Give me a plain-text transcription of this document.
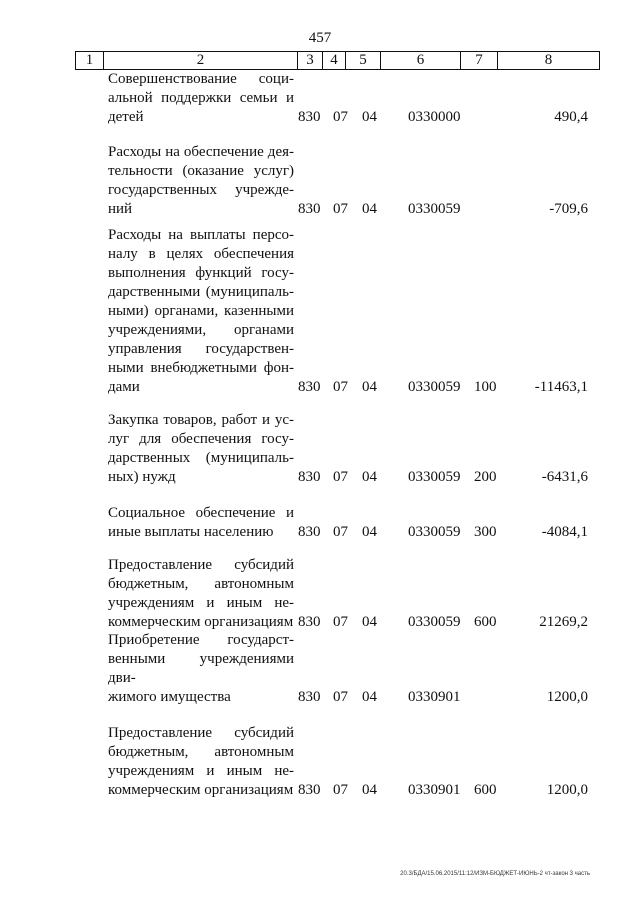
457
1	2	3	4	5	6	7	8
Совершенствование соци-
альной поддержки семьи и
детей	830 07 04 0330000	490,4
Расходы на обеспечение дея-
тельности (оказание услуг)
государственных учрежде-
ний	830 07 04 0330059	-709,6
Расходы на выплаты персо-
налу в целях обеспечения
выполнения функций госу-
дарственными (муниципаль-
ными) органами, казенными
учреждениями, органами
управления государствен-
ными внебюджетными фон-
дами	830 07 04 0330059 100	-11463,1
Закупка товаров, работ и ус-
луг для обеспечения госу-
дарственных (муниципаль-
ных) нужд	830 07 04 0330059 200	-6431,6
Социальное обеспечение и
иные выплаты населению	830 07 04 0330059 300	-4084,1
Предоставление субсидий
бюджетным, автономным
учреждениям и иным не-
коммерческим организациям 830 07 04 0330059 600	21269,2
Приобретение государст-
венными учреждениями дви-
жимого имущества	830 07 04 0330901	1200,0
Предоставление субсидий
бюджетным, автономным
учреждениям и иным не-
коммерческим организациям 830 07 04 0330901 600	1200,0
20.3/БДА/15.06.2015/11:12/ИЗМ-БЮДЖЕТ-ИЮНЬ-2 чт-закон 3 часть
